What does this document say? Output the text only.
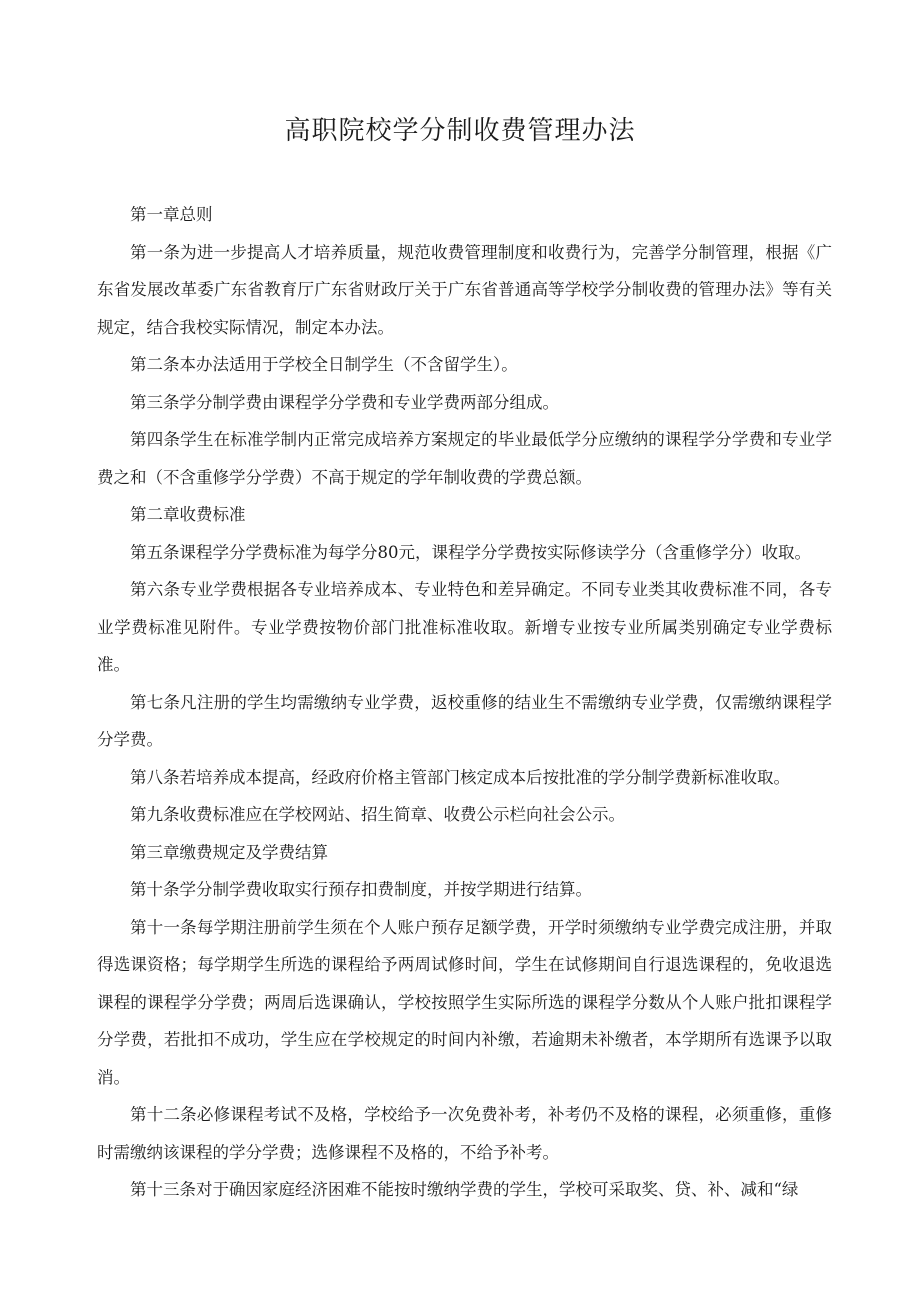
高职院校学分制收费管理办法

第一章总则

第一条为进一步提高人才培养质量，规范收费管理制度和收费行为，完善学分制管理，根据《广东省发展改革委广东省教育厅广东省财政厅关于广东省普通高等学校学分制收费的管理办法》等有关规定，结合我校实际情况，制定本办法。

第二条本办法适用于学校全日制学生（不含留学生）。

第三条学分制学费由课程学分学费和专业学费两部分组成。

第四条学生在标准学制内正常完成培养方案规定的毕业最低学分应缴纳的课程学分学费和专业学费之和（不含重修学分学费）不高于规定的学年制收费的学费总额。

第二章收费标准

第五条课程学分学费标准为每学分80元，课程学分学费按实际修读学分（含重修学分）收取。

第六条专业学费根据各专业培养成本、专业特色和差异确定。不同专业类其收费标准不同，各专业学费标准见附件。专业学费按物价部门批准标准收取。新增专业按专业所属类别确定专业学费标准。

第七条凡注册的学生均需缴纳专业学费，返校重修的结业生不需缴纳专业学费，仅需缴纳课程学分学费。

第八条若培养成本提高，经政府价格主管部门核定成本后按批准的学分制学费新标准收取。

第九条收费标准应在学校网站、招生简章、收费公示栏向社会公示。

第三章缴费规定及学费结算

第十条学分制学费收取实行预存扣费制度，并按学期进行结算。

第十一条每学期注册前学生须在个人账户预存足额学费，开学时须缴纳专业学费完成注册，并取得选课资格；每学期学生所选的课程给予两周试修时间，学生在试修期间自行退选课程的，免收退选课程的课程学分学费；两周后选课确认，学校按照学生实际所选的课程学分数从个人账户批扣课程学分学费，若批扣不成功，学生应在学校规定的时间内补缴，若逾期未补缴者，本学期所有选课予以取消。

第十二条必修课程考试不及格，学校给予一次免费补考，补考仍不及格的课程，必须重修，重修时需缴纳该课程的学分学费；选修课程不及格的，不给予补考。

第十三条对于确因家庭经济困难不能按时缴纳学费的学生，学校可采取奖、贷、补、减和“绿
